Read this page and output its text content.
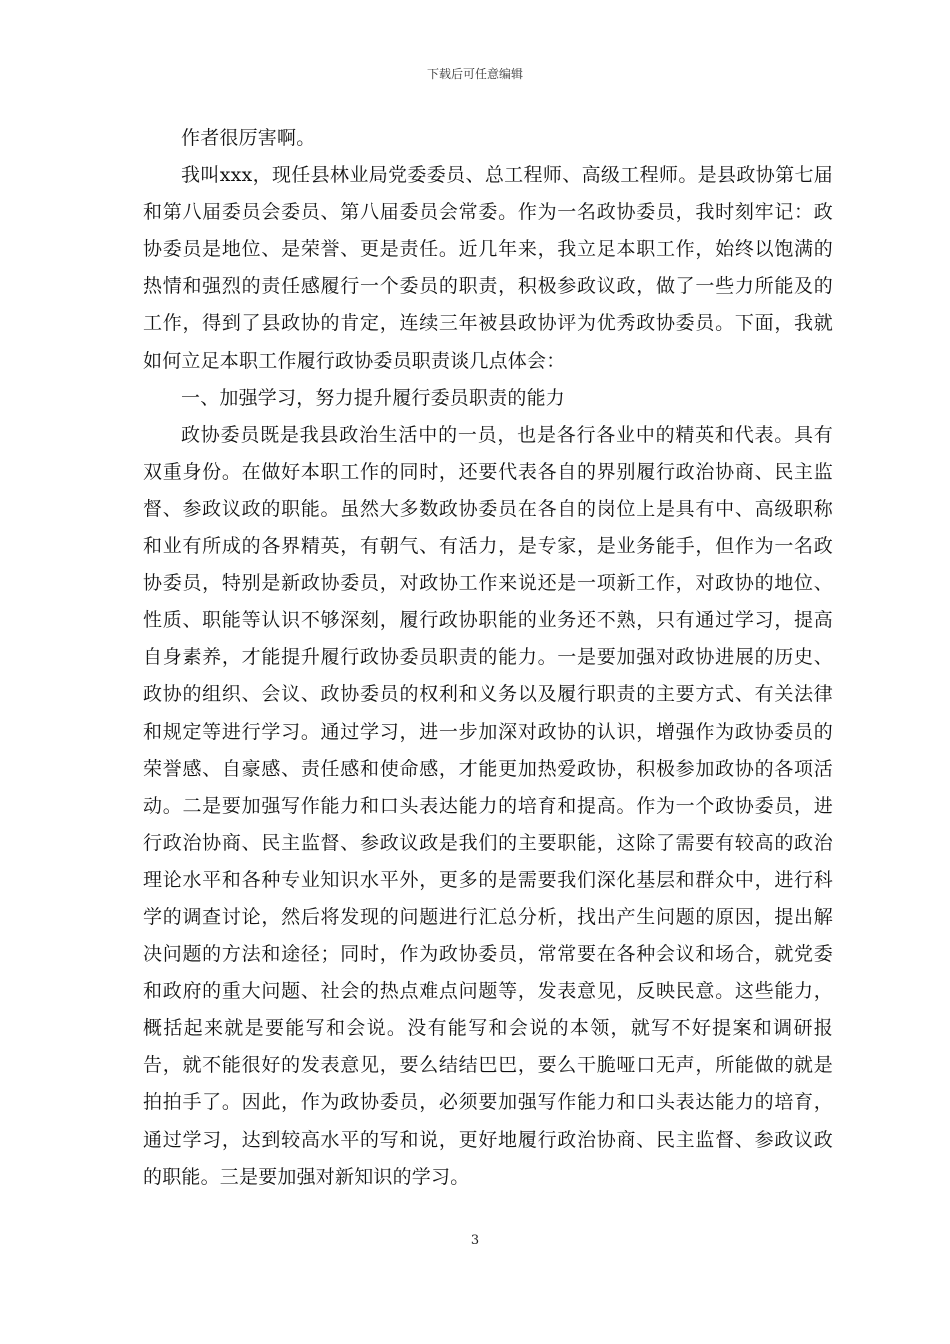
下载后可任意编辑

作者很厉害啊。

我叫xxx，现任县林业局党委委员、总工程师、高级工程师。是县政协第七届和第八届委员会委员、第八届委员会常委。作为一名政协委员，我时刻牢记：政协委员是地位、是荣誉、更是责任。近几年来，我立足本职工作，始终以饱满的热情和强烈的责任感履行一个委员的职责，积极参政议政，做了一些力所能及的工作，得到了县政协的肯定，连续三年被县政协评为优秀政协委员。下面，我就如何立足本职工作履行政协委员职责谈几点体会：

一、加强学习，努力提升履行委员职责的能力

政协委员既是我县政治生活中的一员，也是各行各业中的精英和代表。具有双重身份。在做好本职工作的同时，还要代表各自的界别履行政治协商、民主监督、参政议政的职能。虽然大多数政协委员在各自的岗位上是具有中、高级职称和业有所成的各界精英，有朝气、有活力，是专家，是业务能手，但作为一名政协委员，特别是新政协委员，对政协工作来说还是一项新工作，对政协的地位、性质、职能等认识不够深刻，履行政协职能的业务还不熟，只有通过学习，提高自身素养，才能提升履行政协委员职责的能力。一是要加强对政协进展的历史、政协的组织、会议、政协委员的权利和义务以及履行职责的主要方式、有关法律和规定等进行学习。通过学习，进一步加深对政协的认识，增强作为政协委员的荣誉感、自豪感、责任感和使命感，才能更加热爱政协，积极参加政协的各项活动。二是要加强写作能力和口头表达能力的培育和提高。作为一个政协委员，进行政治协商、民主监督、参政议政是我们的主要职能，这除了需要有较高的政治理论水平和各种专业知识水平外，更多的是需要我们深化基层和群众中，进行科学的调查讨论，然后将发现的问题进行汇总分析，找出产生问题的原因，提出解决问题的方法和途径；同时，作为政协委员，常常要在各种会议和场合，就党委和政府的重大问题、社会的热点难点问题等，发表意见，反映民意。这些能力，概括起来就是要能写和会说。没有能写和会说的本领，就写不好提案和调研报告，就不能很好的发表意见，要么结结巴巴，要么干脆哑口无声，所能做的就是拍拍手了。因此，作为政协委员，必须要加强写作能力和口头表达能力的培育，通过学习，达到较高水平的写和说，更好地履行政治协商、民主监督、参政议政的职能。三是要加强对新知识的学习。

3
